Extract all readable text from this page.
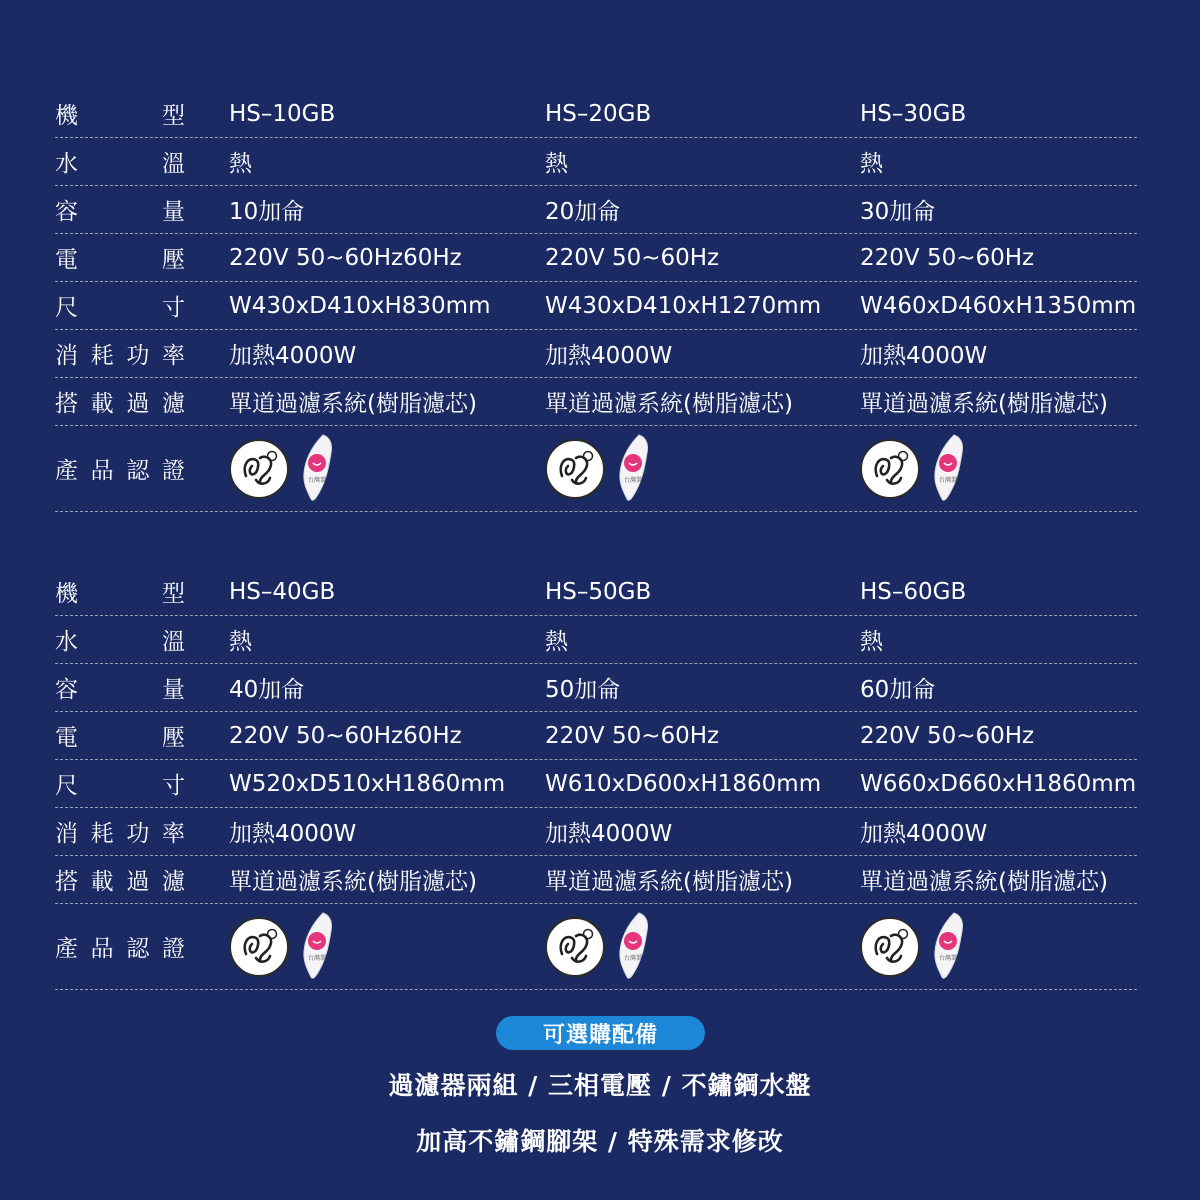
機	型 HS–10GB	HS–20GB	HS–30GB
水	溫 熱	熱	熱
容	量 10加侖	20加侖	30加侖
電	壓 220V 50~60Hz60Hz	220V 50~60Hz	220V 50~60Hz
尺	寸 W430xD410xH830mm W430xD410xH1270mm W460xD460xH1350mm
消 耗 功 率 加熱4000W	加熱4000W	加熱4000W
搭 載 過 濾 單道過濾系統(樹脂濾芯)	單道過濾系統(樹脂濾芯)	單道過濾系統(樹脂濾芯)
產 品 認 證	台灣製	台灣製	台灣製
機	型 HS–40GB	HS–50GB	HS–60GB
水	溫 熱	熱	熱
容	量 40加侖	50加侖	60加侖
電	壓 220V 50~60Hz60Hz	220V 50~60Hz	220V 50~60Hz
尺	寸 W520xD510xH1860mm W610xD600xH1860mm W660xD660xH1860mm
消 耗 功 率 加熱4000W	加熱4000W	加熱4000W
搭 載 過 濾 單道過濾系統(樹脂濾芯)	單道過濾系統(樹脂濾芯)	單道過濾系統(樹脂濾芯)
產 品 認 證	台灣製	台灣製	台灣製
可選購配備
過濾器兩組 / 三相電壓 / 不鏽鋼水盤
加高不鏽鋼腳架 / 特殊需求修改
